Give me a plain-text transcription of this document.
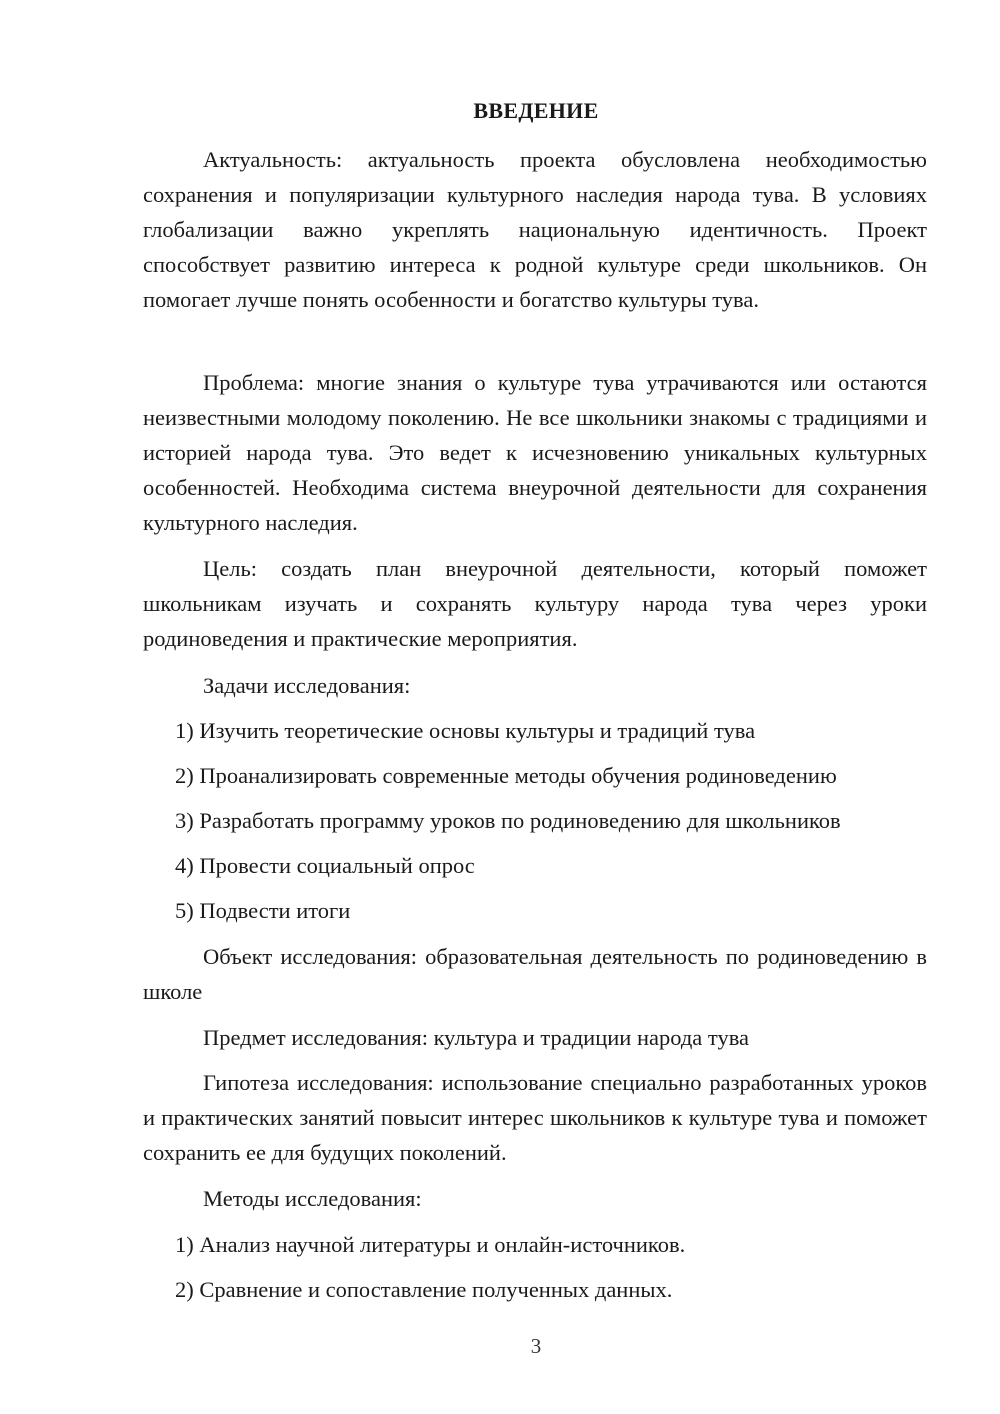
ВВЕДЕНИЕ

Актуальность: актуальность проекта обусловлена необходимостью сохранения и популяризации культурного наследия народа тува. В условиях глобализации важно укреплять национальную идентичность. Проект способствует развитию интереса к родной культуре среди школьников. Он помогает лучше понять особенности и богатство культуры тува.

Проблема: многие знания о культуре тува утрачиваются или остаются неизвестными молодому поколению. Не все школьники знакомы с традициями и историей народа тува. Это ведет к исчезновению уникальных культурных особенностей. Необходима система внеурочной деятельности для сохранения культурного наследия.

Цель: создать план внеурочной деятельности, который поможет школьникам изучать и сохранять культуру народа тува через уроки родиноведения и практические мероприятия.

Задачи исследования:
1) Изучить теоретические основы культуры и традиций тува
2) Проанализировать современные методы обучения родиноведению
3) Разработать программу уроков по родиноведению для школьников
4) Провести социальный опрос
5) Подвести итоги

Объект исследования: образовательная деятельность по родиноведению в школе

Предмет исследования: культура и традиции народа тува

Гипотеза исследования: использование специально разработанных уроков и практических занятий повысит интерес школьников к культуре тува и поможет сохранить ее для будущих поколений.

Методы исследования:
1) Анализ научной литературы и онлайн-источников.
2) Сравнение и сопоставление полученных данных.
3
